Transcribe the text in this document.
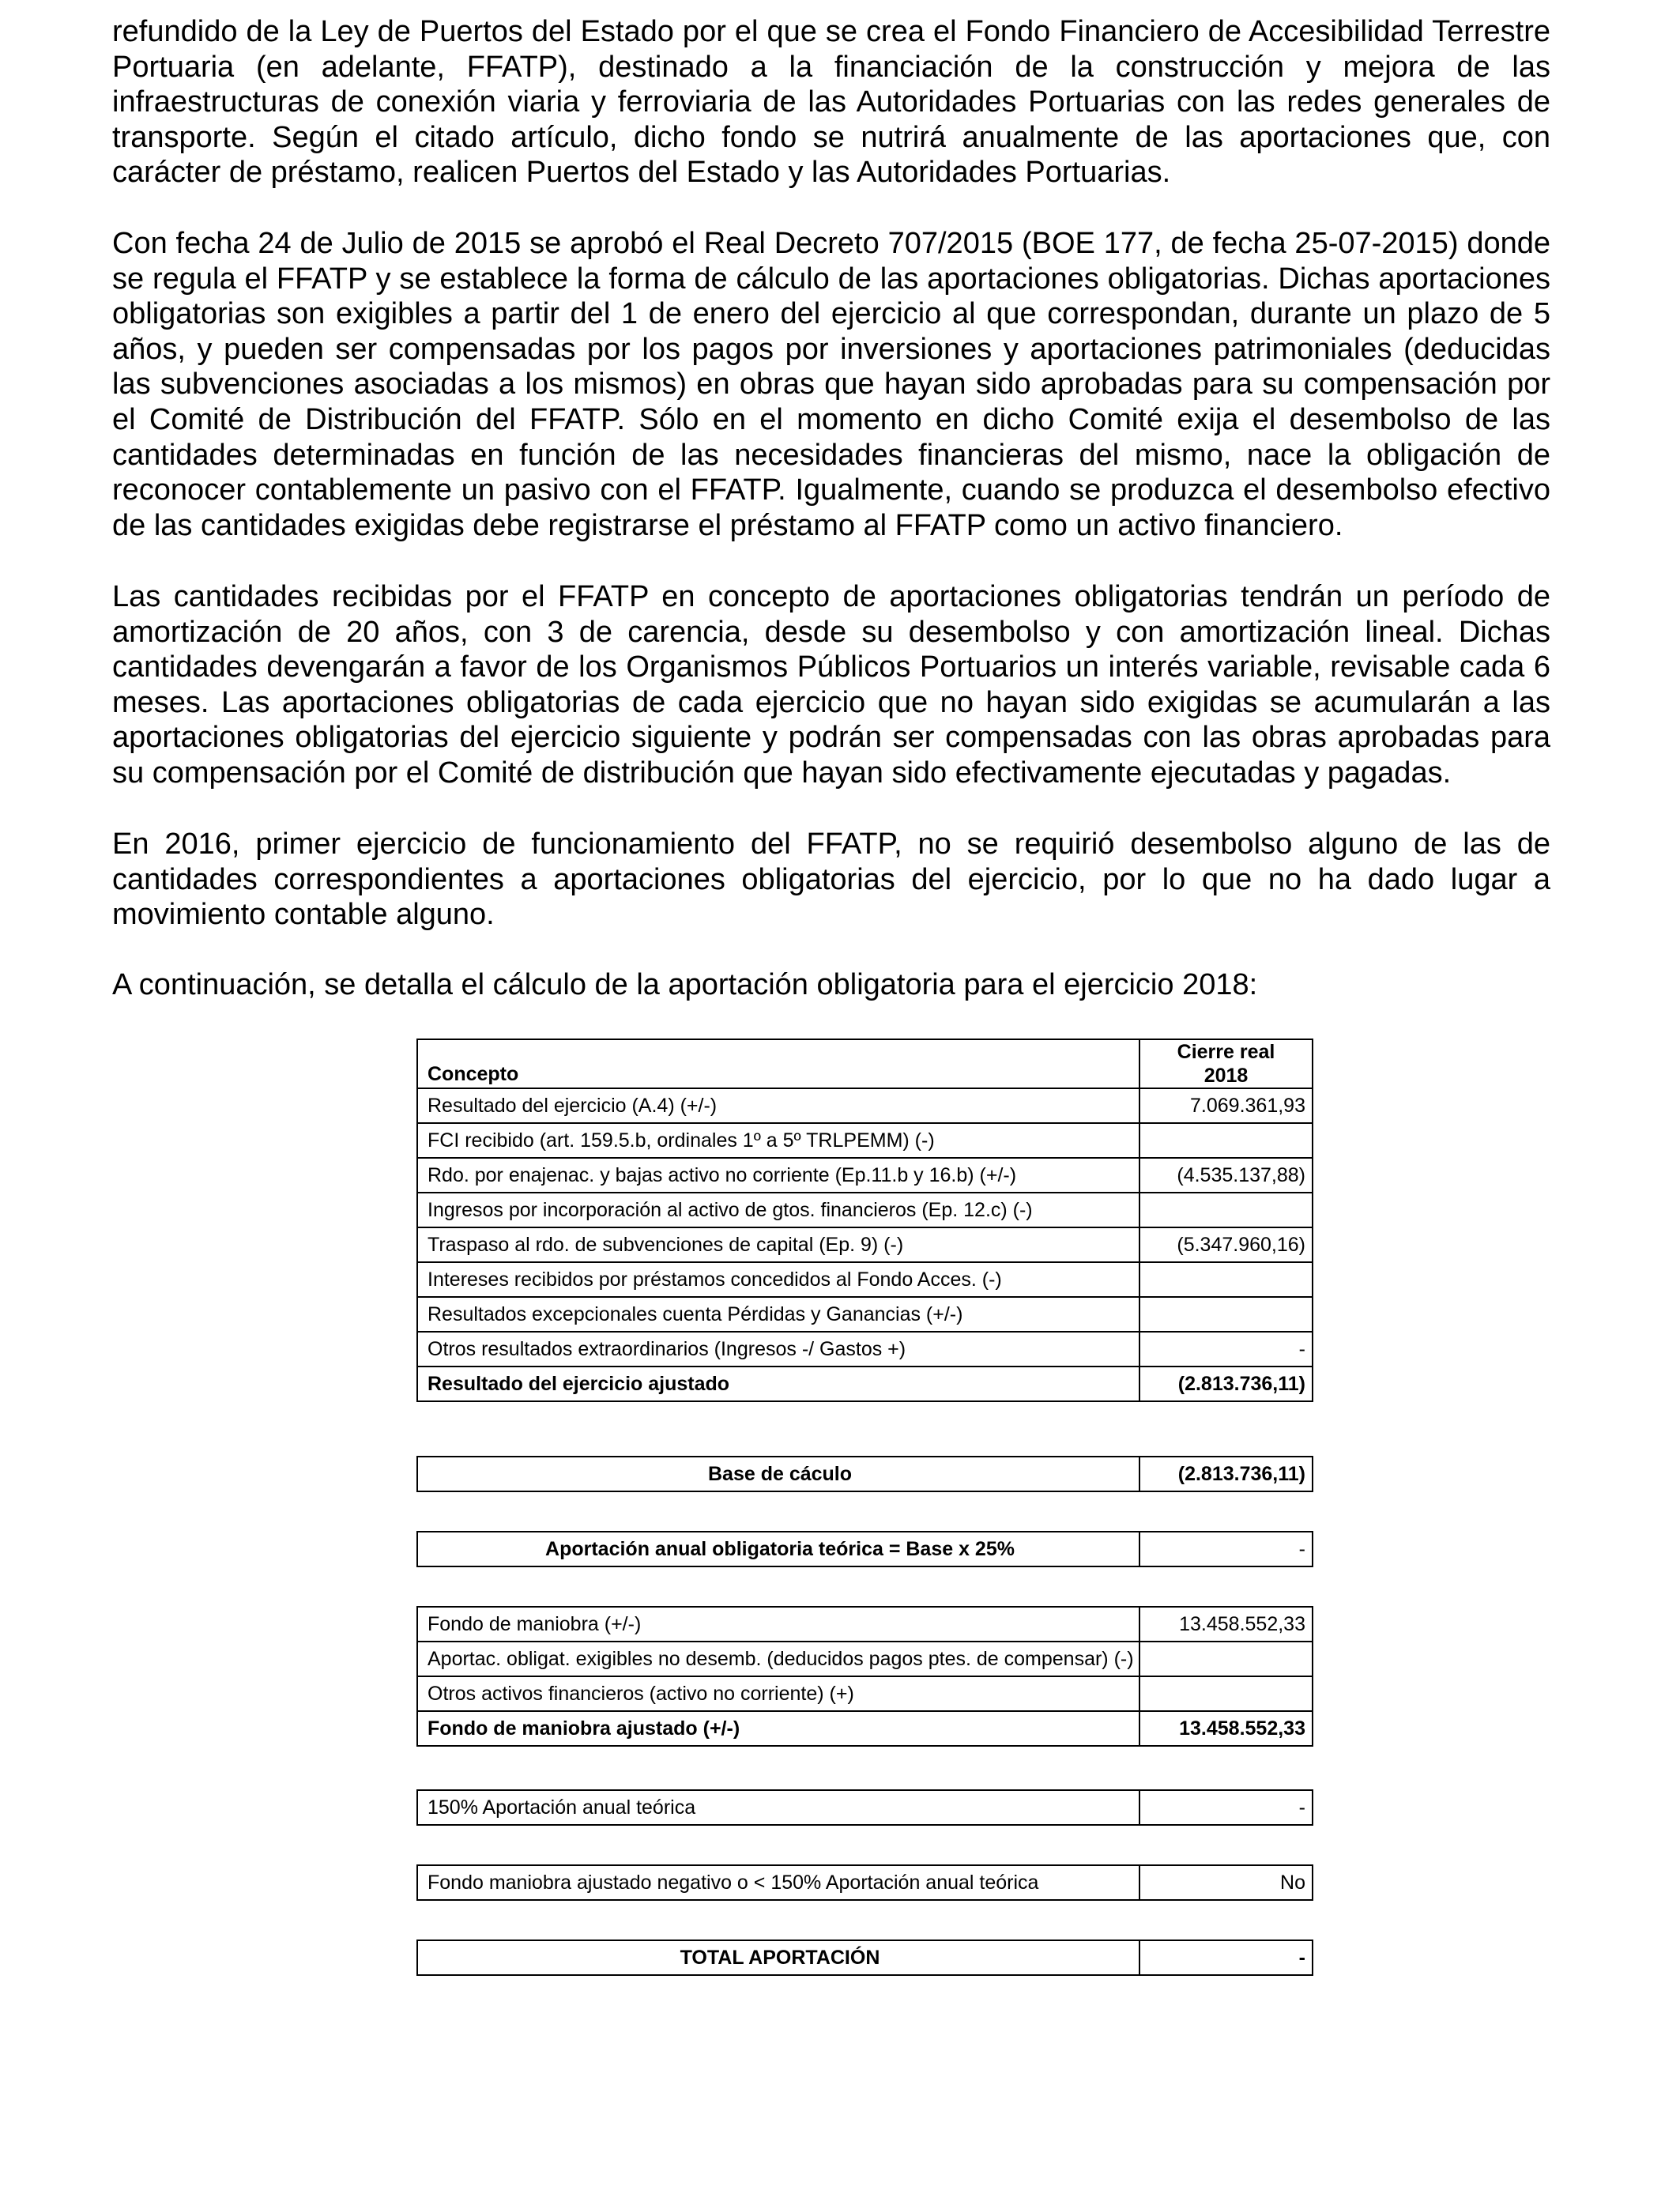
refundido de la Ley de Puertos del Estado por el que se crea el Fondo Financiero de Accesibilidad Terrestre Portuaria (en adelante, FFATP), destinado a la financiación de la construcción y mejora de las infraestructuras de conexión viaria y ferroviaria de las Autoridades Portuarias con las redes generales de transporte. Según el citado artículo, dicho fondo se nutrirá anualmente de las aportaciones que, con carácter de préstamo, realicen Puertos del Estado y las Autoridades Portuarias.

Con fecha 24 de Julio de 2015 se aprobó el Real Decreto 707/2015 (BOE 177, de fecha 25-07-2015) donde se regula el FFATP y se establece la forma de cálculo de las aportaciones obligatorias. Dichas aportaciones obligatorias son exigibles a partir del 1 de enero del ejercicio al que correspondan, durante un plazo de 5 años, y pueden ser compensadas por los pagos por inversiones y aportaciones patrimoniales (deducidas las subvenciones asociadas a los mismos) en obras que hayan sido aprobadas para su compensación por el Comité de Distribución del FFATP. Sólo en el momento en dicho Comité exija el desembolso de las cantidades determinadas en función de las necesidades financieras del mismo, nace la obligación de reconocer contablemente un pasivo con el FFATP. Igualmente, cuando se produzca el desembolso efectivo de las cantidades exigidas debe registrarse el préstamo al FFATP como un activo financiero.

Las cantidades recibidas por el FFATP en concepto de aportaciones obligatorias tendrán un período de amortización de 20 años, con 3 de carencia, desde su desembolso y con amortización lineal. Dichas cantidades devengarán a favor de los Organismos Públicos Portuarios un interés variable, revisable cada 6 meses. Las aportaciones obligatorias de cada ejercicio que no hayan sido exigidas se acumularán a las aportaciones obligatorias del ejercicio siguiente y podrán ser compensadas con las obras aprobadas para su compensación por el Comité de distribución que hayan sido efectivamente ejecutadas y pagadas.

En 2016, primer ejercicio de funcionamiento del FFATP, no se requirió desembolso alguno de las de cantidades correspondientes a aportaciones obligatorias del ejercicio, por lo que no ha dado lugar a movimiento contable alguno.

A continuación, se detalla el cálculo de la aportación obligatoria para el ejercicio 2018:

Concepto	Cierre real
2018

Resultado del ejercicio (A.4) (+/-)	7.069.361,93
FCI recibido (art. 159.5.b, ordinales 1º a 5º TRLPEMM) (-)	
Rdo. por enajenac. y bajas activo no corriente (Ep.11.b y 16.b) (+/-)	(4.535.137,88)
Ingresos por incorporación al activo de gtos. financieros (Ep. 12.c) (-)	
Traspaso al rdo. de subvenciones de capital (Ep. 9) (-)	(5.347.960,16)
Intereses recibidos por préstamos concedidos al Fondo Acces. (-)	
Resultados excepcionales cuenta Pérdidas y Ganancias (+/-)	
Otros resultados extraordinarios (Ingresos -/ Gastos +)	-
Resultado del ejercicio ajustado	(2.813.736,11)
Base de cáculo	(2.813.736,11)
Aportación anual obligatoria teórica = Base x 25%	-
Fondo de maniobra (+/-)	13.458.552,33
Aportac. obligat. exigibles no desemb. (deducidos pagos ptes. de compensar) (-)	
Otros activos financieros (activo no corriente) (+)	
Fondo de maniobra ajustado (+/-)	13.458.552,33
150% Aportación anual teórica	-
Fondo maniobra ajustado negativo o < 150% Aportación anual teórica	No
TOTAL APORTACIÓN	-
